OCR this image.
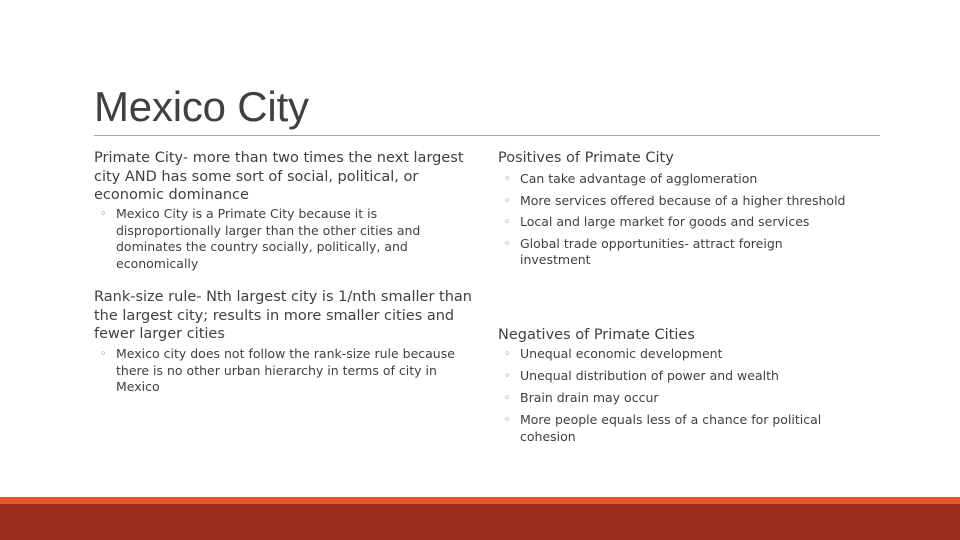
Mexico City

Primate City- more than two times the next largest city AND has some sort of social, political, or economic dominance

◦ Mexico City is a Primate City because it is disproportionally larger than the other cities and dominates the country socially, politically, and economically

Rank-size rule- Nth largest city is 1/nth smaller than the largest city; results in more smaller cities and fewer larger cities

◦ Mexico city does not follow the rank-size rule because there is no other urban hierarchy in terms of city in Mexico

Positives of Primate City

◦ Can take advantage of agglomeration
◦ More services offered because of a higher threshold
◦ Local and large market for goods and services
◦ Global trade opportunities- attract foreign investment

Negatives of Primate Cities

◦ Unequal economic development
◦ Unequal distribution of power and wealth
◦ Brain drain may occur
◦ More people equals less of a chance for political cohesion
